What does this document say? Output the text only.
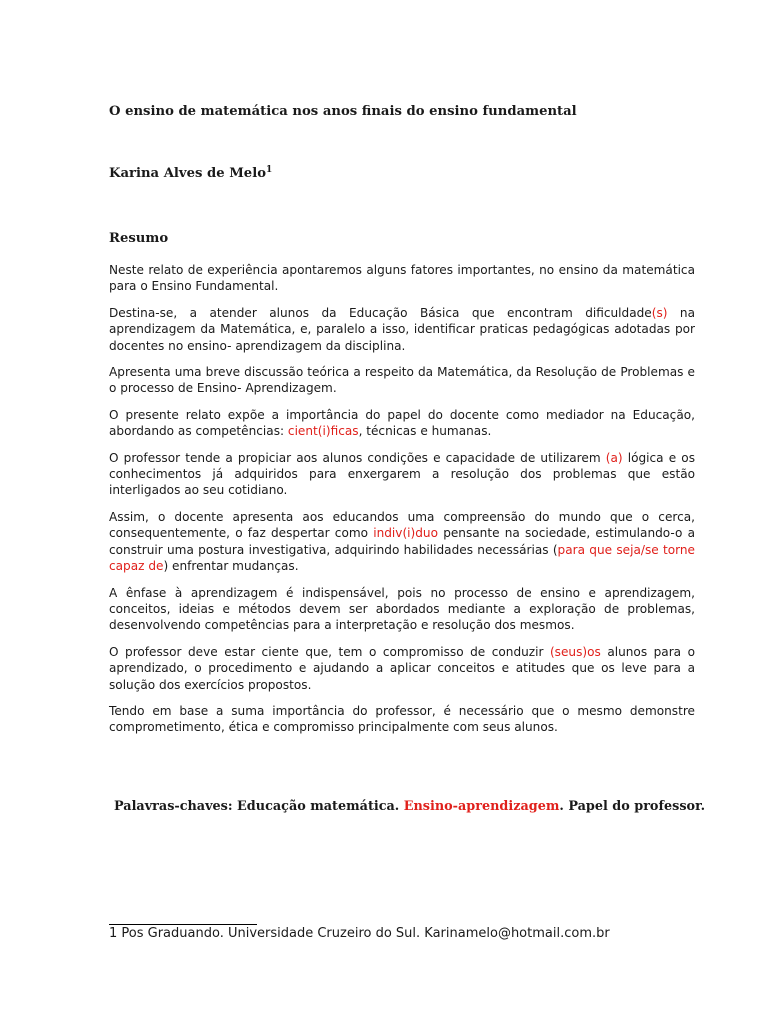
O ensino de matemática nos anos finais do ensino fundamental
Karina Alves de Melo$^1$
Resumo

Neste relato de experiência apontaremos alguns fatores importantes, no ensino da matemática para o Ensino Fundamental.

Destina-se, a atender alunos da Educação Básica que encontram dificuldade(s) na aprendizagem da Matemática, e, paralelo a isso, identificar praticas pedagógicas adotadas por docentes no ensino- aprendizagem da disciplina.

Apresenta uma breve discussão teórica a respeito da Matemática, da Resolução de Problemas e o processo de Ensino- Aprendizagem.

O presente relato expõe a importância do papel do docente como mediador na Educação, abordando as competências: cient(i)ficas, técnicas e humanas.

O professor tende a propiciar aos alunos condições e capacidade de utilizarem (a) lógica e os conhecimentos já adquiridos para enxergarem a resolução dos problemas que estão interligados ao seu cotidiano.

Assim, o docente apresenta aos educandos uma compreensão do mundo que o cerca, consequentemente, o faz despertar como indiv(i)duo pensante na sociedade, estimulando-o a construir uma postura investigativa, adquirindo habilidades necessárias (para que seja/se torne capaz de) enfrentar mudanças.

A ênfase à aprendizagem é indispensável, pois no processo de ensino e aprendizagem, conceitos, ideias e métodos devem ser abordados mediante a exploração de problemas, desenvolvendo competências para a interpretação e resolução dos mesmos.

O professor deve estar ciente que, tem o compromisso de conduzir (seus)os alunos para o aprendizado, o procedimento e ajudando a aplicar conceitos e atitudes que os leve para a solução dos exercícios propostos.

Tendo em base a suma importância do professor, é necessário que o mesmo demonstre comprometimento, ética e compromisso principalmente com seus alunos.

Palavras-chaves: Educação matemática. Ensino-aprendizagem. Papel do professor.
1 Pos Graduando. Universidade Cruzeiro do Sul. Karinamelo@hotmail.com.br
